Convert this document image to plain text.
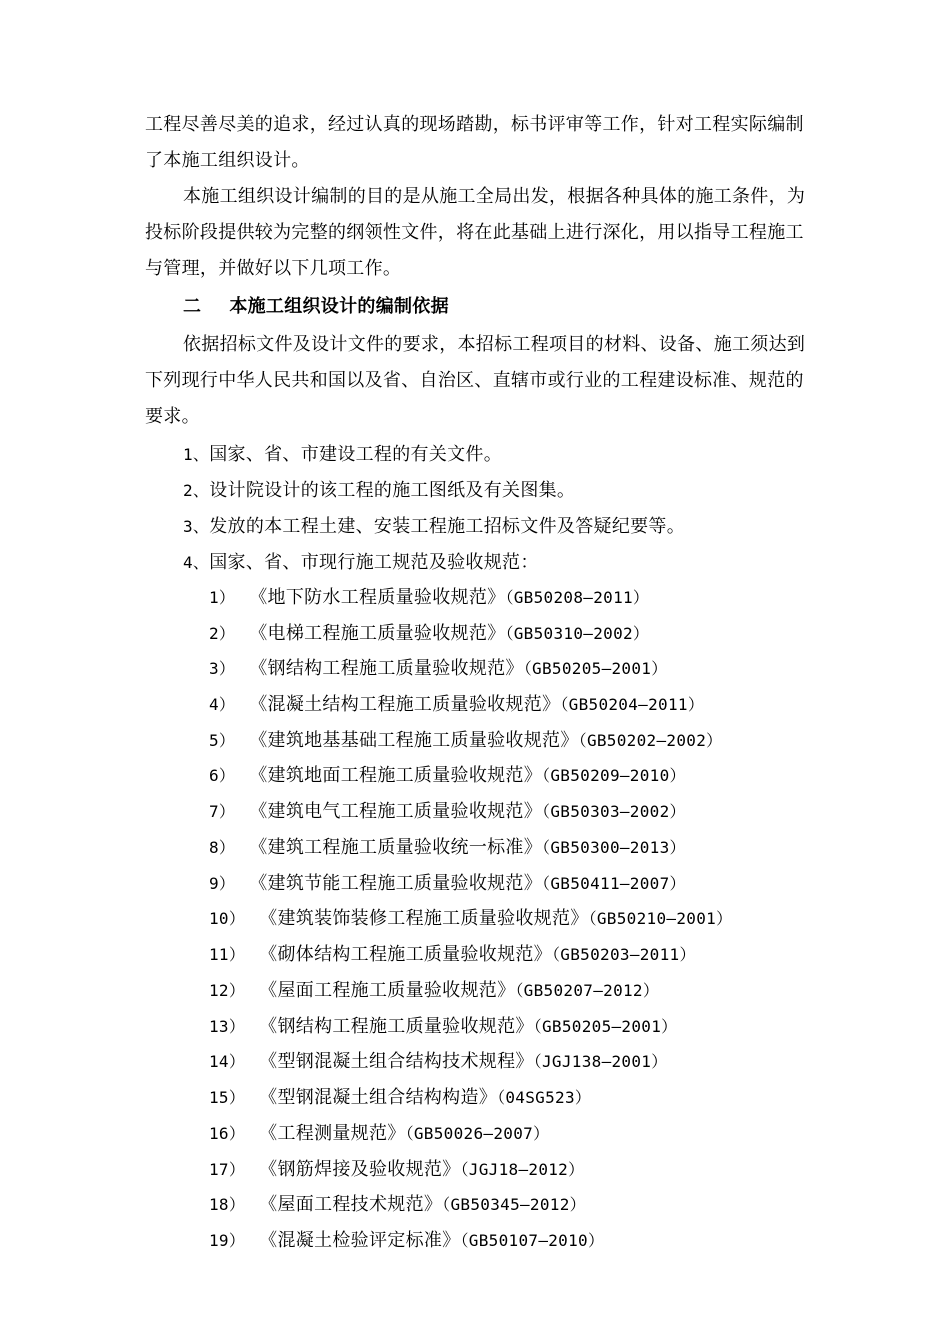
工程尽善尽美的追求，经过认真的现场踏勘，标书评审等工作，针对工程实际编制
了本施工组织设计。
本施工组织设计编制的目的是从施工全局出发，根据各种具体的施工条件，为
投标阶段提供较为完整的纲领性文件，将在此基础上进行深化，用以指导工程施工
与管理，并做好以下几项工作。
二 本施工组织设计的编制依据
依据招标文件及设计文件的要求，本招标工程项目的材料、设备、施工须达到
下列现行中华人民共和国以及省、自治区、直辖市或行业的工程建设标准、规范的
要求。
1、国家、省、市建设工程的有关文件。
2、设计院设计的该工程的施工图纸及有关图集。
3、发放的本工程土建、安装工程施工招标文件及答疑纪要等。
4、国家、省、市现行施工规范及验收规范：
1） 《地下防水工程质量验收规范》（GB50208—2011）
2） 《电梯工程施工质量验收规范》（GB50310—2002）
3） 《钢结构工程施工质量验收规范》（GB50205—2001）
4） 《混凝土结构工程施工质量验收规范》（GB50204—2011）
5） 《建筑地基基础工程施工质量验收规范》（GB50202—2002）
6） 《建筑地面工程施工质量验收规范》（GB50209—2010）
7） 《建筑电气工程施工质量验收规范》（GB50303—2002）
8） 《建筑工程施工质量验收统一标准》（GB50300—2013）
9） 《建筑节能工程施工质量验收规范》（GB50411—2007）
10） 《建筑装饰装修工程施工质量验收规范》（GB50210—2001）
11） 《砌体结构工程施工质量验收规范》（GB50203—2011）
12） 《屋面工程施工质量验收规范》（GB50207—2012）
13） 《钢结构工程施工质量验收规范》（GB50205—2001）
14） 《型钢混凝土组合结构技术规程》（JGJ138—2001）
15） 《型钢混凝土组合结构构造》（04SG523）
16） 《工程测量规范》（GB50026—2007）
17） 《钢筋焊接及验收规范》（JGJ18—2012）
18） 《屋面工程技术规范》（GB50345—2012）
19） 《混凝土检验评定标准》（GB50107—2010）
